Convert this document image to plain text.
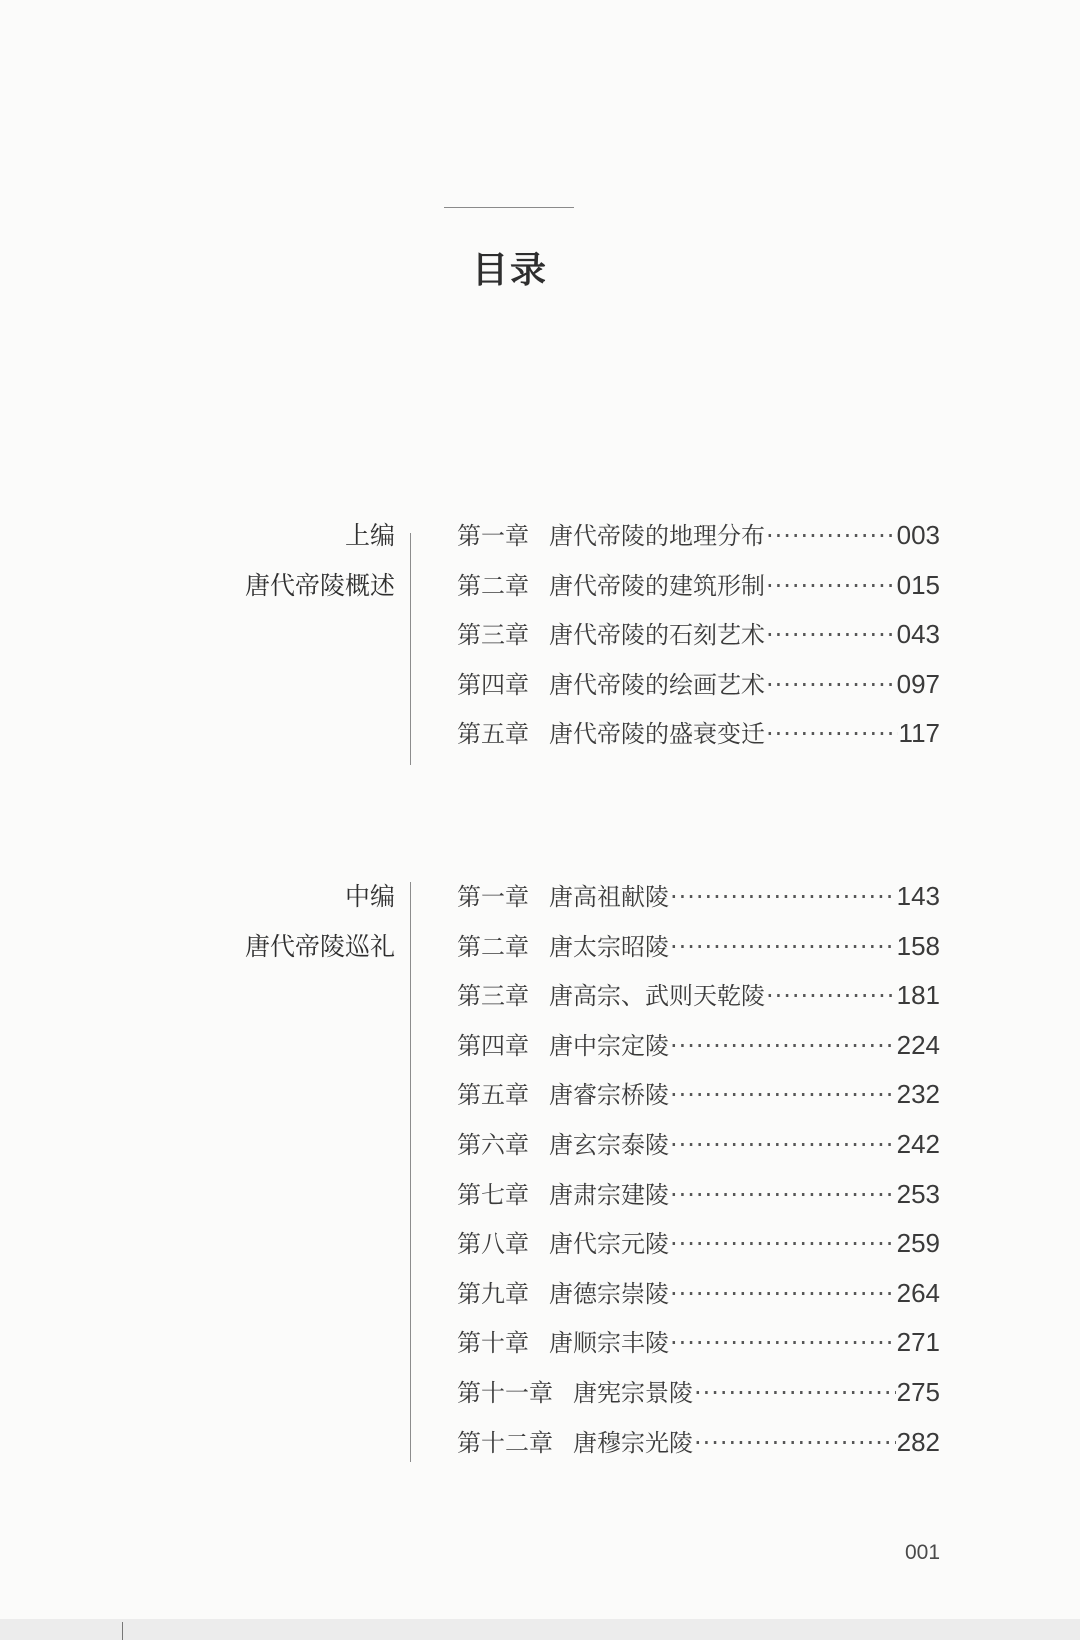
目录
上编
唐代帝陵概述
第一章 唐代帝陵的地理分布 ·····	003
第二章 唐代帝陵的建筑形制 ·····	015
第三章 唐代帝陵的石刻艺术 ·····	043
第四章 唐代帝陵的绘画艺术 ·····	097
第五章 唐代帝陵的盛衰变迁 ·····	117
中编
唐代帝陵巡礼
第一章 唐高祖献陵 ·····	143
第二章 唐太宗昭陵 ·····	158
第三章 唐高宗、武则天乾陵 ·····	181
第四章 唐中宗定陵 ·····	224
第五章 唐睿宗桥陵 ·····	232
第六章 唐玄宗泰陵 ·····	242
第七章 唐肃宗建陵 ·····	253
第八章 唐代宗元陵 ·····	259
第九章 唐德宗崇陵 ·····	264
第十章 唐顺宗丰陵 ·····	271
第十一章 唐宪宗景陵 ·····	275
第十二章 唐穆宗光陵 ·····	282
001
